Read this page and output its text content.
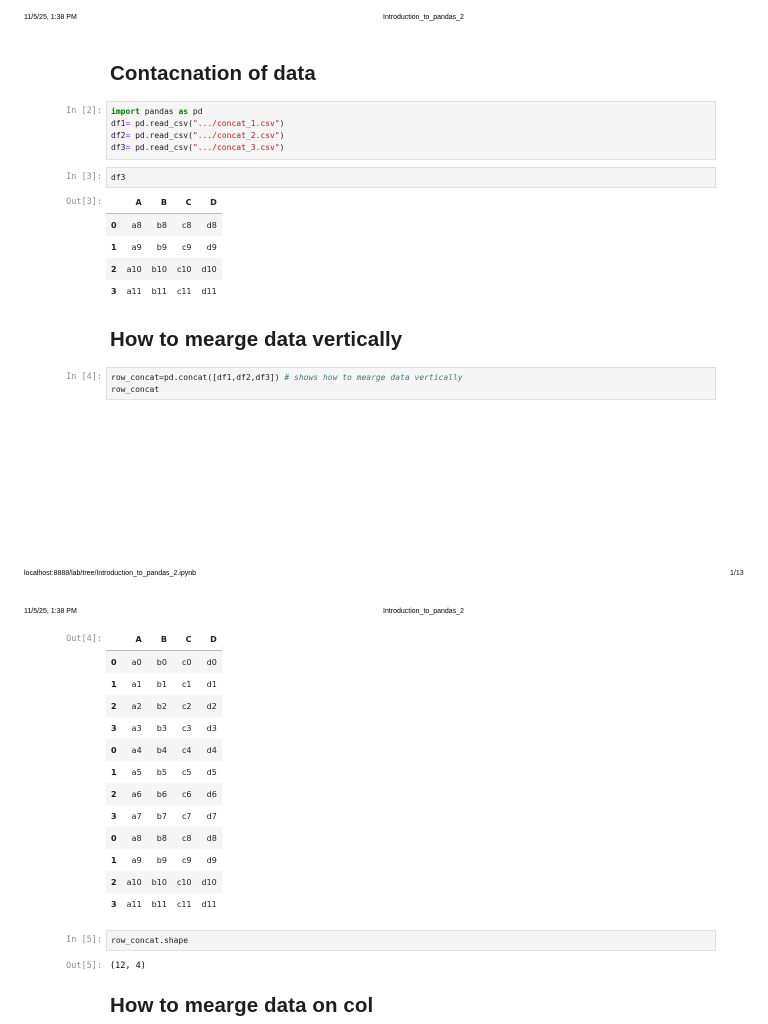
11/5/25, 1:38 PM	Introduction_to_pandas_2
Contacnation of data
In [2]: import pandas as pd
df1= pd.read_csv(".../concat_1.csv")
df2= pd.read_csv(".../concat_2.csv")
df3= pd.read_csv(".../concat_3.csv")
In [3]: df3
Out[3]:
		A	B	C	D
0	a8	b8	c8	d8
1	a9	b9	c9	d9
2	a10	b10	c10	d10
3	a11	b11	c11	d11
How to mearge data vertically
In [4]: row_concat=pd.concat([df1,df2,df3]) # shows how to mearge data vertically
row_concat
localhost:8888/lab/tree/Introduction_to_pandas_2.ipynb	1/13
11/5/25, 1:38 PM	Introduction_to_pandas_2
Out[4]:
		A	B	C	D
0	a0	b0	c0	d0
1	a1	b1	c1	d1
2	a2	b2	c2	d2
3	a3	b3	c3	d3
0	a4	b4	c4	d4
1	a5	b5	c5	d5
2	a6	b6	c6	d6
3	a7	b7	c7	d7
0	a8	b8	c8	d8
1	a9	b9	c9	d9
2	a10	b10	c10	d10
3	a11	b11	c11	d11
In [5]: row_concat.shape
Out[5]: (12, 4)
How to mearge data on col
